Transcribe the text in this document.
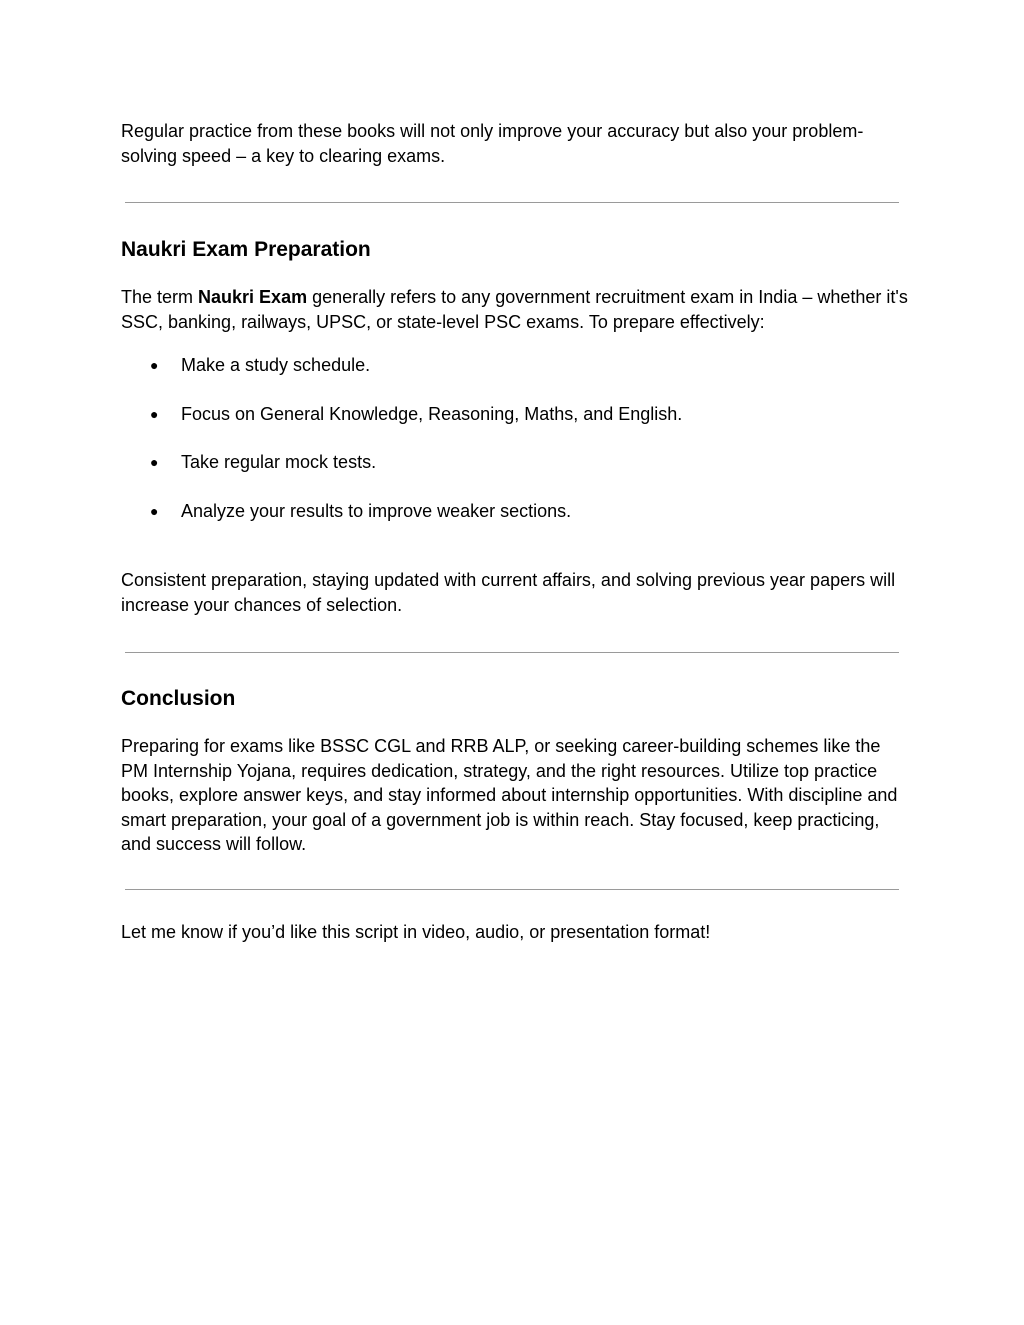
Regular practice from these books will not only improve your accuracy but also your problem-solving speed – a key to clearing exams.

Naukri Exam Preparation

The term Naukri Exam generally refers to any government recruitment exam in India – whether it's SSC, banking, railways, UPSC, or state-level PSC exams. To prepare effectively:

● Make a study schedule.
● Focus on General Knowledge, Reasoning, Maths, and English.
● Take regular mock tests.
● Analyze your results to improve weaker sections.

Consistent preparation, staying updated with current affairs, and solving previous year papers will increase your chances of selection.

Conclusion

Preparing for exams like BSSC CGL and RRB ALP, or seeking career-building schemes like the PM Internship Yojana, requires dedication, strategy, and the right resources. Utilize top practice books, explore answer keys, and stay informed about internship opportunities. With discipline and smart preparation, your goal of a government job is within reach. Stay focused, keep practicing, and success will follow.

Let me know if you’d like this script in video, audio, or presentation format!
